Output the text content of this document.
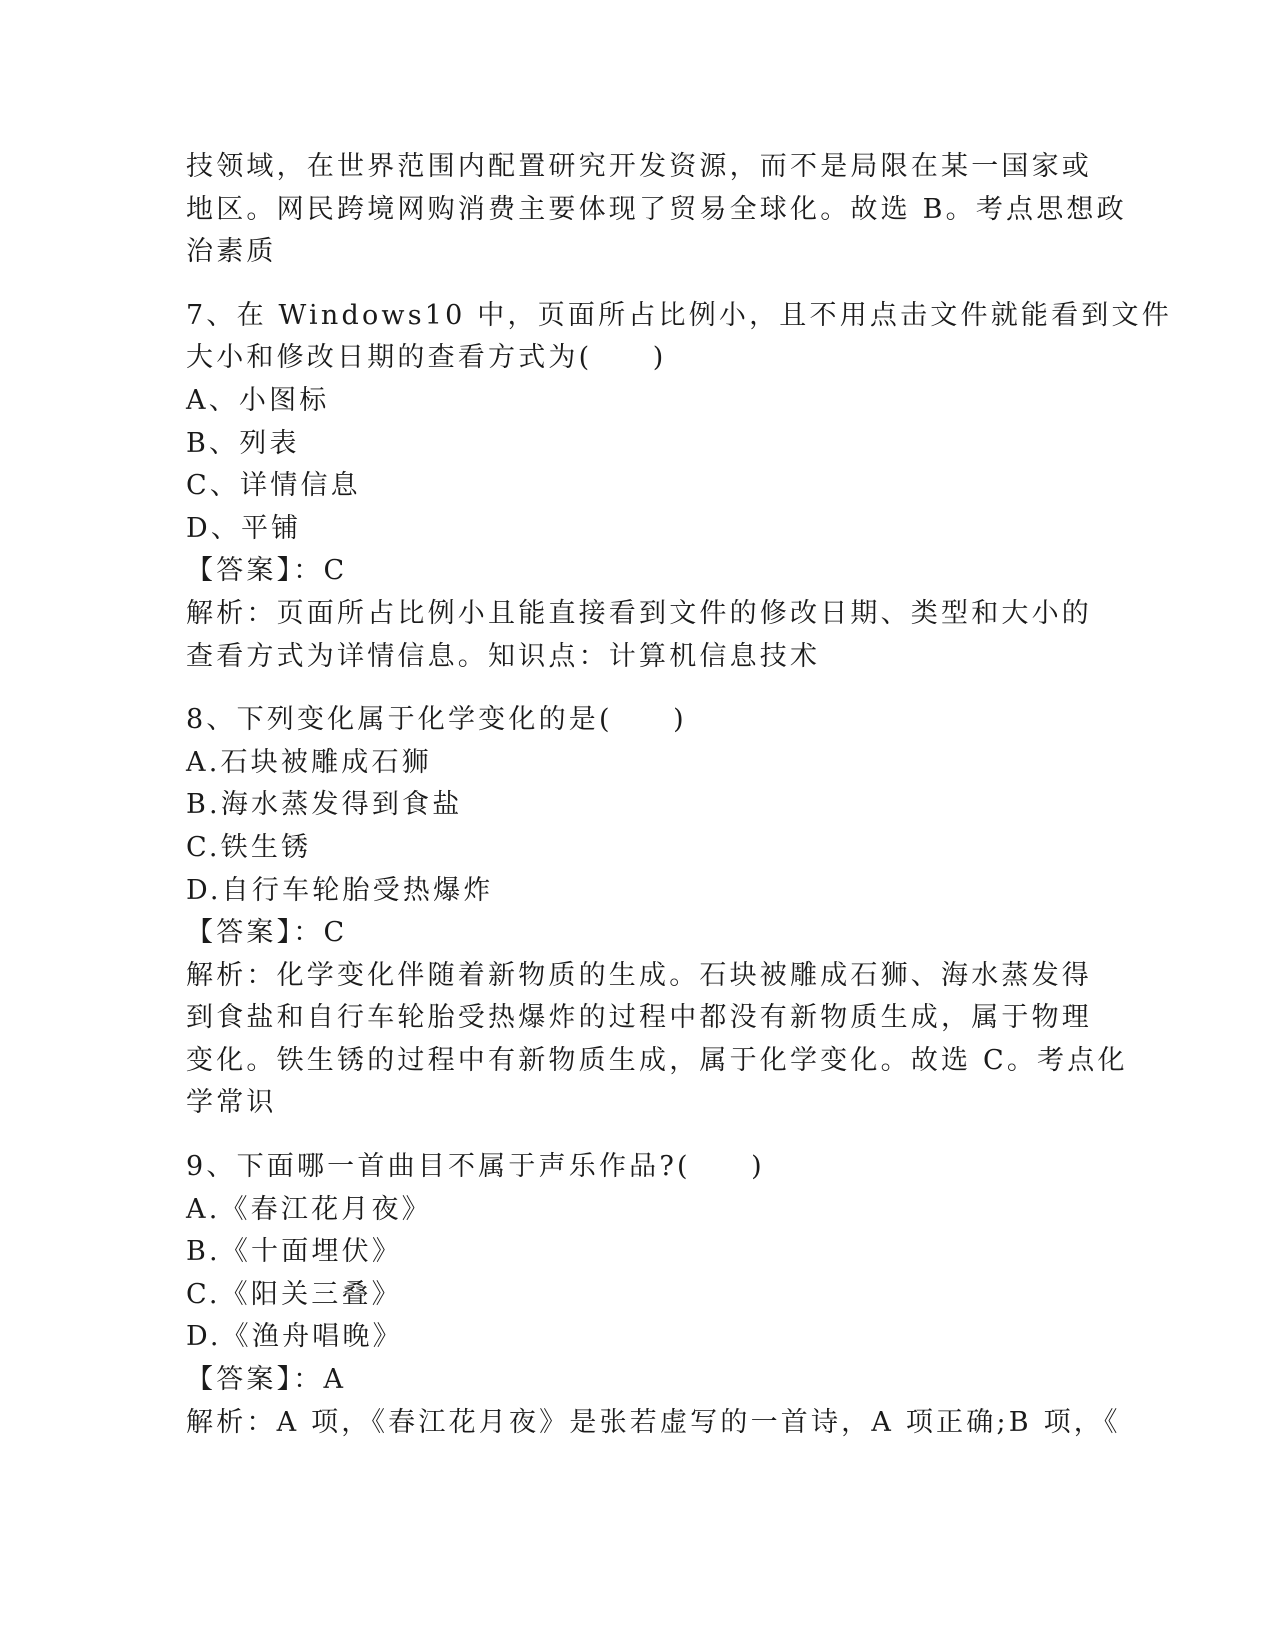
技领域，在世界范围内配置研究开发资源，而不是局限在某一国家或
地区。网民跨境网购消费主要体现了贸易全球化。故选 B。考点思想政
治素质
7、在 Windows10 中，页面所占比例小，且不用点击文件就能看到文件
大小和修改日期的查看方式为(　　)
A、小图标
B、列表
C、详情信息
D、平铺
【答案】：C
解析：页面所占比例小且能直接看到文件的修改日期、类型和大小的
查看方式为详情信息。知识点：计算机信息技术
8、下列变化属于化学变化的是(　　)
A.石块被雕成石狮
B.海水蒸发得到食盐
C.铁生锈
D.自行车轮胎受热爆炸
【答案】：C
解析：化学变化伴随着新物质的生成。石块被雕成石狮、海水蒸发得
到食盐和自行车轮胎受热爆炸的过程中都没有新物质生成，属于物理
变化。铁生锈的过程中有新物质生成，属于化学变化。故选 C。考点化
学常识
9、下面哪一首曲目不属于声乐作品?(　　)
A.《春江花月夜》
B.《十面埋伏》
C.《阳关三叠》
D.《渔舟唱晚》
【答案】：A
解析：A 项，《春江花月夜》是张若虚写的一首诗，A 项正确;B 项，《
